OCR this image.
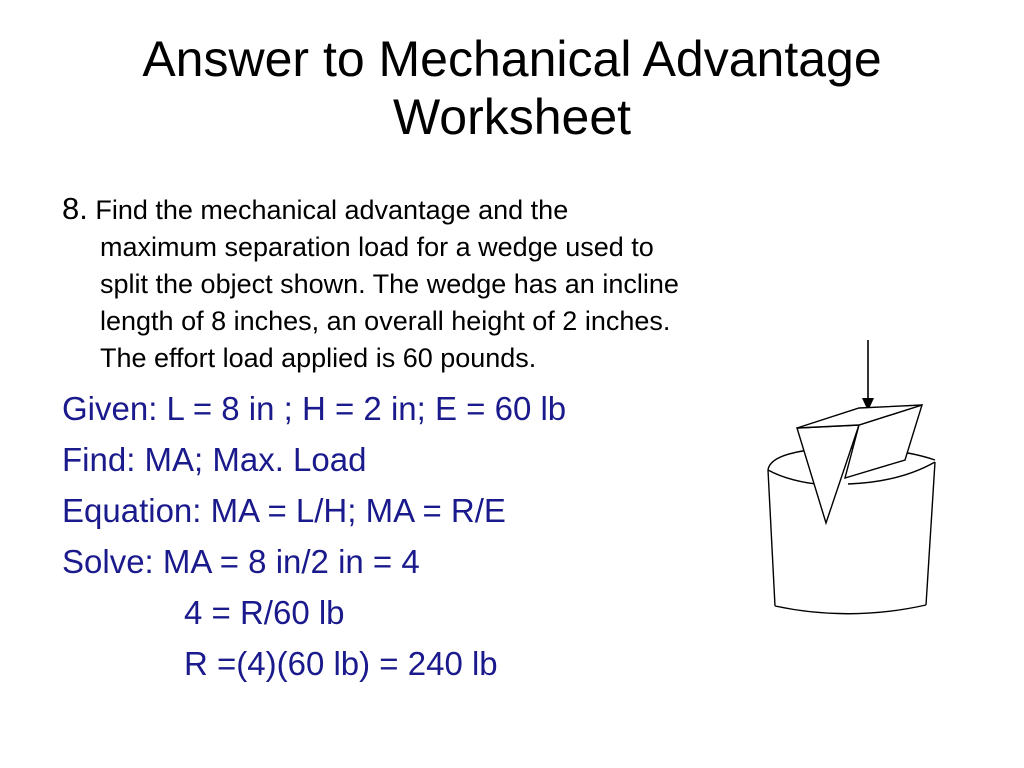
Answer to Mechanical Advantage
Worksheet
8. Find the mechanical advantage and the
maximum separation load for a wedge used to
split the object shown. The wedge has an incline
length of 8 inches, an overall height of 2 inches.
The effort load applied is 60 pounds.
Given: L = 8 in ; H = 2 in; E = 60 lb
Find: MA; Max. Load
Equation: MA = L/H; MA = R/E
Solve: MA = 8 in/2 in = 4
4 = R/60 lb
R =(4)(60 lb) = 240 lb
